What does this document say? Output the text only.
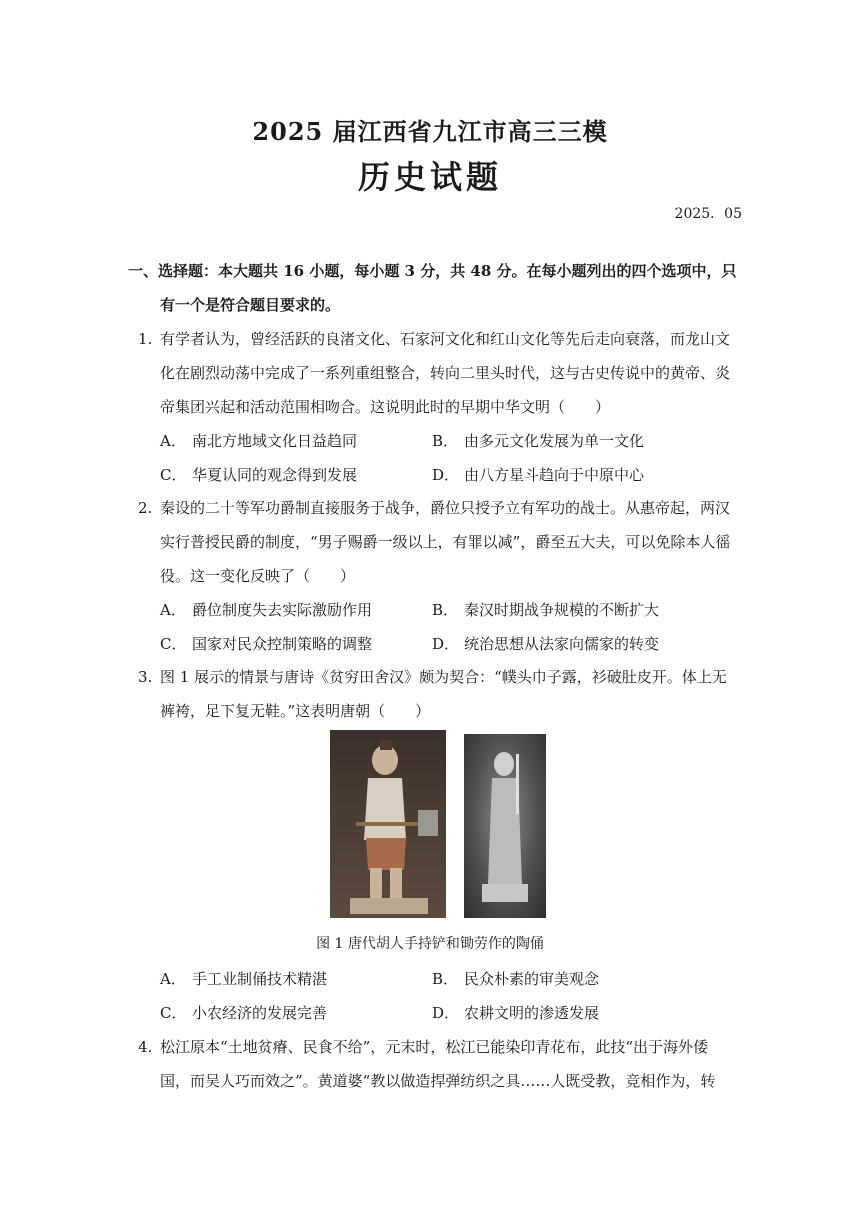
2025 届江西省九江市高三三模
历史试题
2025．05
一、选择题：本大题共 16 小题，每小题 3 分，共 48 分。在每小题列出的四个选项中，只
有一个是符合题目要求的。
1. 有学者认为，曾经活跃的良渚文化、石家河文化和红山文化等先后走向衰落，而龙山文
化在剧烈动荡中完成了一系列重组整合，转向二里头时代，这与古史传说中的黄帝、炎
帝集团兴起和活动范围相吻合。这说明此时的早期中华文明（　　）
A． 南北方地域文化日益趋同	B． 由多元文化发展为单一文化
C． 华夏认同的观念得到发展	D． 由八方星斗趋向于中原中心
2. 秦设的二十等军功爵制直接服务于战争，爵位只授予立有军功的战士。从惠帝起，两汉
实行普授民爵的制度，“男子赐爵一级以上，有罪以减”，爵至五大夫，可以免除本人徭
役。这一变化反映了（　　）
A． 爵位制度失去实际激励作用	B． 秦汉时期战争规模的不断扩大
C． 国家对民众控制策略的调整	D． 统治思想从法家向儒家的转变
3. 图 1 展示的情景与唐诗《贫穷田舍汉》颇为契合：“幞头巾子露，衫破肚皮开。体上无
裤袴，足下复无鞋。”这表明唐朝（　　）
图 1 唐代胡人手持铲和锄劳作的陶俑
A． 手工业制俑技术精湛	B． 民众朴素的审美观念
C． 小农经济的发展完善	D． 农耕文明的渗透发展
4. 松江原本“土地贫瘠、民食不给”，元末时，松江已能染印青花布，此技“出于海外倭
国，而吴人巧而效之”。黄道婆“教以做造捍弹纺织之具……人既受教，竞相作为，转
